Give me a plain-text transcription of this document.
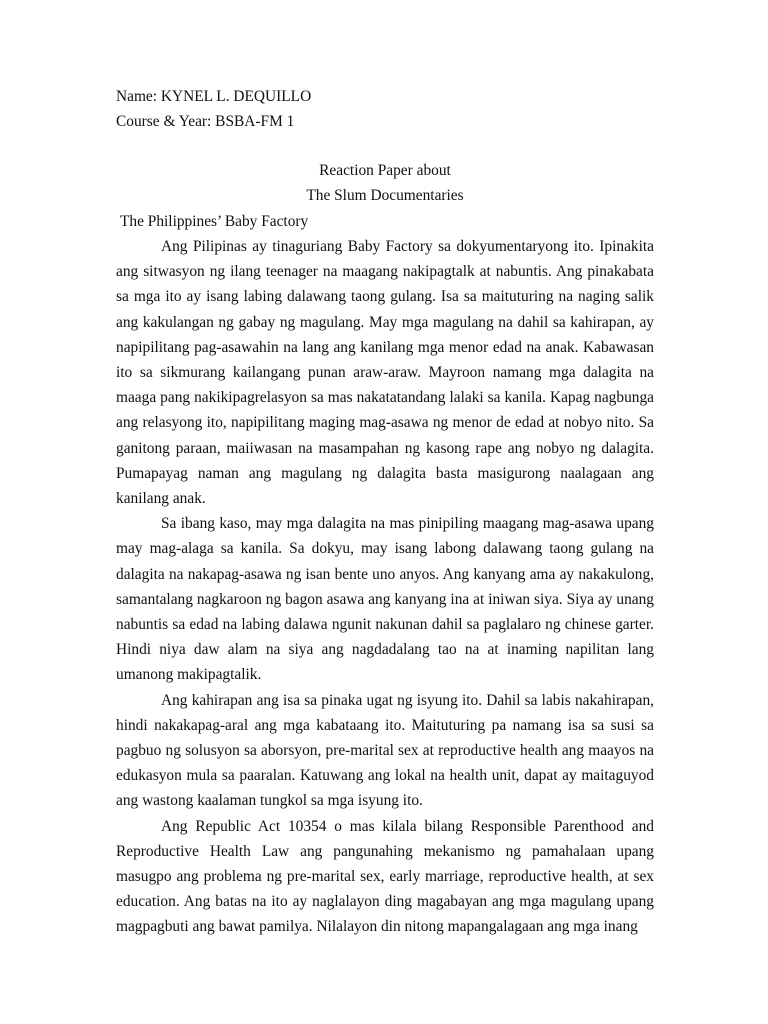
Name: KYNEL L. DEQUILLO
Course & Year: BSBA-FM 1
Reaction Paper about
The Slum Documentaries
The Philippines’ Baby Factory

Ang Pilipinas ay tinaguriang Baby Factory sa dokyumentaryong ito. Ipinakita ang sitwasyon ng ilang teenager na maagang nakipagtalk at nabuntis. Ang pinakabata sa mga ito ay isang labing dalawang taong gulang. Isa sa maituturing na naging salik ang kakulangan ng gabay ng magulang. May mga magulang na dahil sa kahirapan, ay napipilitang pag-asawahin na lang ang kanilang mga menor edad na anak. Kabawasan ito sa sikmurang kailangang punan araw-araw. Mayroon namang mga dalagita na maaga pang nakikipagrelasyon sa mas nakatatandang lalaki sa kanila. Kapag nagbunga ang relasyong ito, napipilitang maging mag-asawa ng menor de edad at nobyo nito. Sa ganitong paraan, maiiwasan na masampahan ng kasong rape ang nobyo ng dalagita. Pumapayag naman ang magulang ng dalagita basta masigurong naalagaan ang kanilang anak.

Sa ibang kaso, may mga dalagita na mas pinipiling maagang mag-asawa upang may mag-alaga sa kanila. Sa dokyu, may isang labong dalawang taong gulang na dalagita na nakapag-asawa ng isan bente uno anyos. Ang kanyang ama ay nakakulong, samantalang nagkaroon ng bagon asawa ang kanyang ina at iniwan siya. Siya ay unang nabuntis sa edad na labing dalawa ngunit nakunan dahil sa paglalaro ng chinese garter. Hindi niya daw alam na siya ang nagdadalang tao na at inaming napilitan lang umanong makipagtalik.

Ang kahirapan ang isa sa pinaka ugat ng isyung ito. Dahil sa labis nakahirapan, hindi nakakapag-aral ang mga kabataang ito. Maituturing pa namang isa sa susi sa pagbuo ng solusyon sa aborsyon, pre-marital sex at reproductive health ang maayos na edukasyon mula sa paaralan. Katuwang ang lokal na health unit, dapat ay maitaguyod ang wastong kaalaman tungkol sa mga isyung ito.

Ang Republic Act 10354 o mas kilala bilang Responsible Parenthood and Reproductive Health Law ang pangunahing mekanismo ng pamahalaan upang masugpo ang problema ng pre-marital sex, early marriage, reproductive health, at sex education. Ang batas na ito ay naglalayon ding magabayan ang mga magulang upang magpagbuti ang bawat pamilya. Nilalayon din nitong mapangalagaan ang mga inang
